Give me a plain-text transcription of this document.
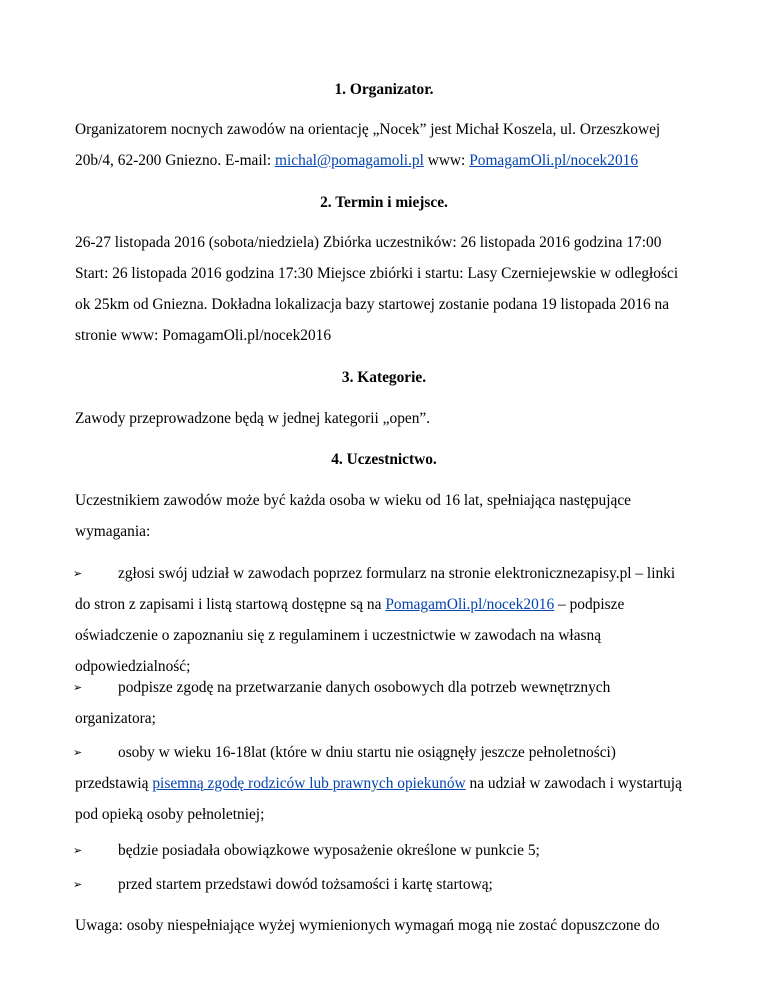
1. Organizator.
Organizatorem nocnych zawodów na orientację „Nocek” jest Michał Koszela, ul. Orzeszkowej
20b/4, 62-200 Gniezno. E-mail: michal@pomagamoli.pl www: PomagamOli.pl/nocek2016
2. Termin i miejsce.
26-27 listopada 2016 (sobota/niedziela) Zbiórka uczestników: 26 listopada 2016 godzina 17:00
Start: 26 listopada 2016 godzina 17:30 Miejsce zbiórki i startu: Lasy Czerniejewskie w odległości
ok 25km od Gniezna. Dokładna lokalizacja bazy startowej zostanie podana 19 listopada 2016 na
stronie www: PomagamOli.pl/nocek2016
3. Kategorie.
Zawody przeprowadzone będą w jednej kategorii „open”.
4. Uczestnictwo.
Uczestnikiem zawodów może być każda osoba w wieku od 16 lat, spełniająca następujące
wymagania:
➢ zgłosi swój udział w zawodach poprzez formularz na stronie elektronicznezapisy.pl – linki
do stron z zapisami i listą startową dostępne są na PomagamOli.pl/nocek2016 – podpisze
oświadczenie o zapoznaniu się z regulaminem i uczestnictwie w zawodach na własną
odpowiedzialność;
➢ podpisze zgodę na przetwarzanie danych osobowych dla potrzeb wewnętrznych
organizatora;
➢ osoby w wieku 16-18lat (które w dniu startu nie osiągnęły jeszcze pełnoletności)
przedstawią pisemną zgodę rodziców lub prawnych opiekunów na udział w zawodach i wystartują
pod opieką osoby pełnoletniej;
➢ będzie posiadała obowiązkowe wyposażenie określone w punkcie 5;
➢ przed startem przedstawi dowód tożsamości i kartę startową;
Uwaga: osoby niespełniające wyżej wymienionych wymagań mogą nie zostać dopuszczone do
